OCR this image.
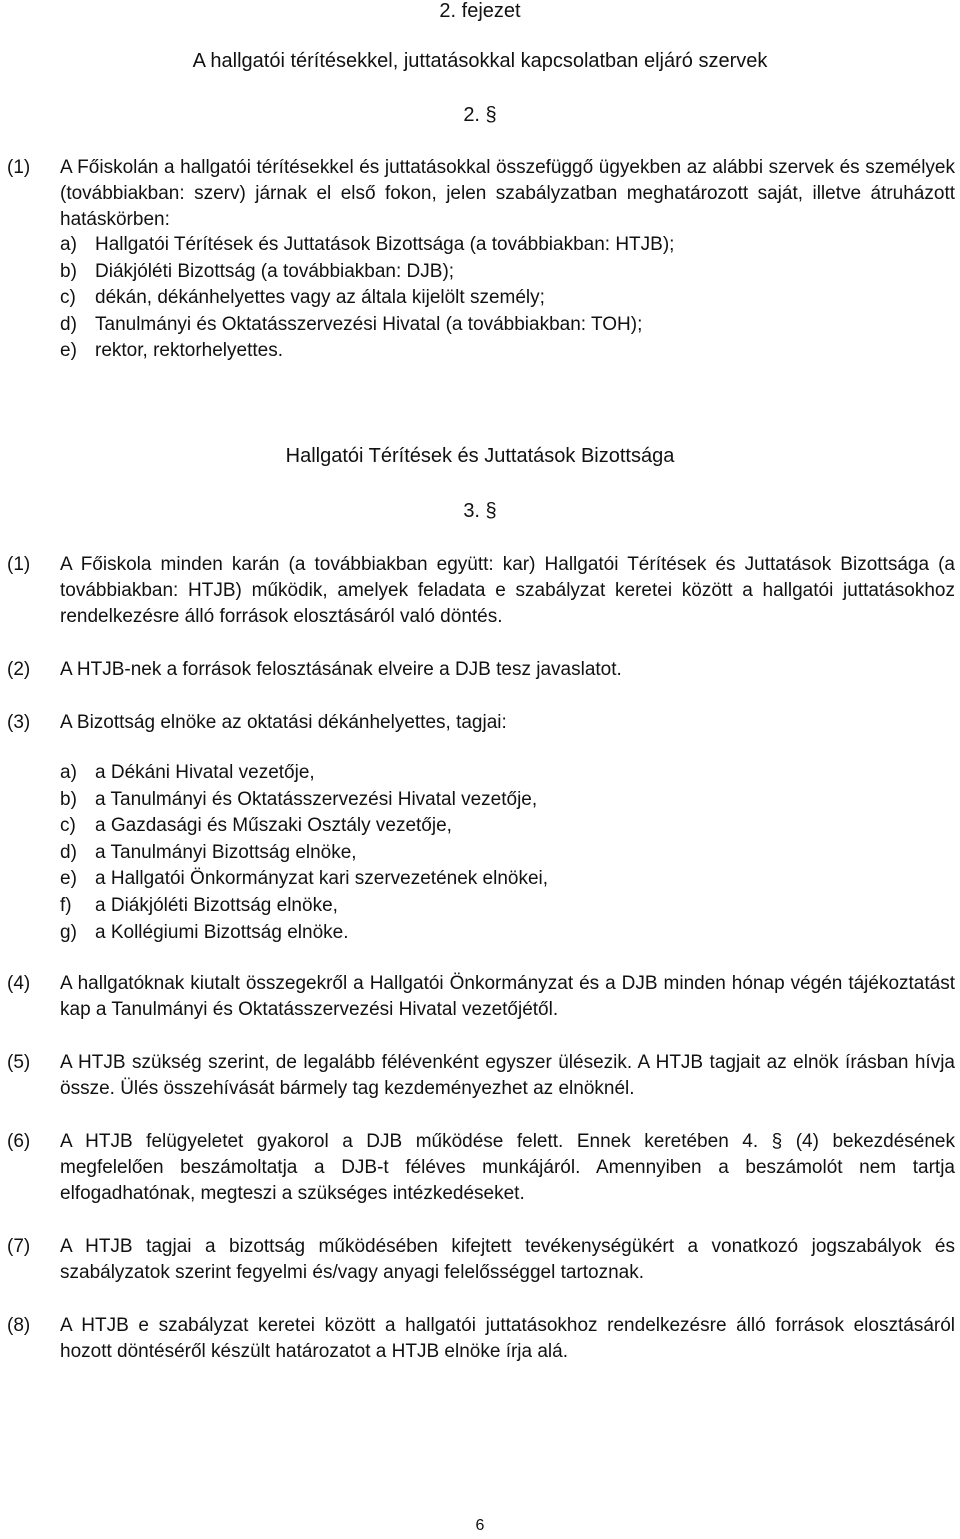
2. fejezet
A hallgatói térítésekkel, juttatásokkal kapcsolatban eljáró szervek
2. §
(1)	A Főiskolán a hallgatói térítésekkel és juttatásokkal összefüggő ügyekben az alábbi szervek és személyek (továbbiakban: szerv) járnak el első fokon, jelen szabályzatban meghatározott saját, illetve átruházott hatáskörben:
a) Hallgatói Térítések és Juttatások Bizottsága (a továbbiakban: HTJB);
b) Diákjóléti Bizottság (a továbbiakban: DJB);
c) dékán, dékánhelyettes vagy az általa kijelölt személy;
d) Tanulmányi és Oktatásszervezési Hivatal (a továbbiakban: TOH);
e) rektor, rektorhelyettes.
Hallgatói Térítések és Juttatások Bizottsága
3. §
(1)	A Főiskola minden karán (a továbbiakban együtt: kar) Hallgatói Térítések és Juttatások Bizottsága (a továbbiakban: HTJB) működik, amelyek feladata e szabályzat keretei között a hallgatói juttatásokhoz rendelkezésre álló források elosztásáról való döntés.
(2)	A HTJB-nek a források felosztásának elveire a DJB tesz javaslatot.
(3)	A Bizottság elnöke az oktatási dékánhelyettes, tagjai:
a) a Dékáni Hivatal vezetője,
b) a Tanulmányi és Oktatásszervezési Hivatal vezetője,
c) a Gazdasági és Műszaki Osztály vezetője,
d) a Tanulmányi Bizottság elnöke,
e) a Hallgatói Önkormányzat kari szervezetének elnökei,
f) a Diákjóléti Bizottság elnöke,
g) a Kollégiumi Bizottság elnöke.
(4)	A hallgatóknak kiutalt összegekről a Hallgatói Önkormányzat és a DJB minden hónap végén tájékoztatást kap a Tanulmányi és Oktatásszervezési Hivatal vezetőjétől.
(5)	A HTJB szükség szerint, de legalább félévenként egyszer ülésezik. A HTJB tagjait az elnök írásban hívja össze. Ülés összehívását bármely tag kezdeményezhet az elnöknél.
(6)	A HTJB felügyeletet gyakorol a DJB működése felett. Ennek keretében 4. § (4) bekezdésének megfelelően beszámoltatja a DJB-t féléves munkájáról. Amennyiben a beszámolót nem tartja elfogadhatónak, megteszi a szükséges intézkedéseket.
(7)	A HTJB tagjai a bizottság működésében kifejtett tevékenységükért a vonatkozó jogszabályok és szabályzatok szerint fegyelmi és/vagy anyagi felelősséggel tartoznak.
(8)	A HTJB e szabályzat keretei között a hallgatói juttatásokhoz rendelkezésre álló források elosztásáról hozott döntéséről készült határozatot a HTJB elnöke írja alá.
6
